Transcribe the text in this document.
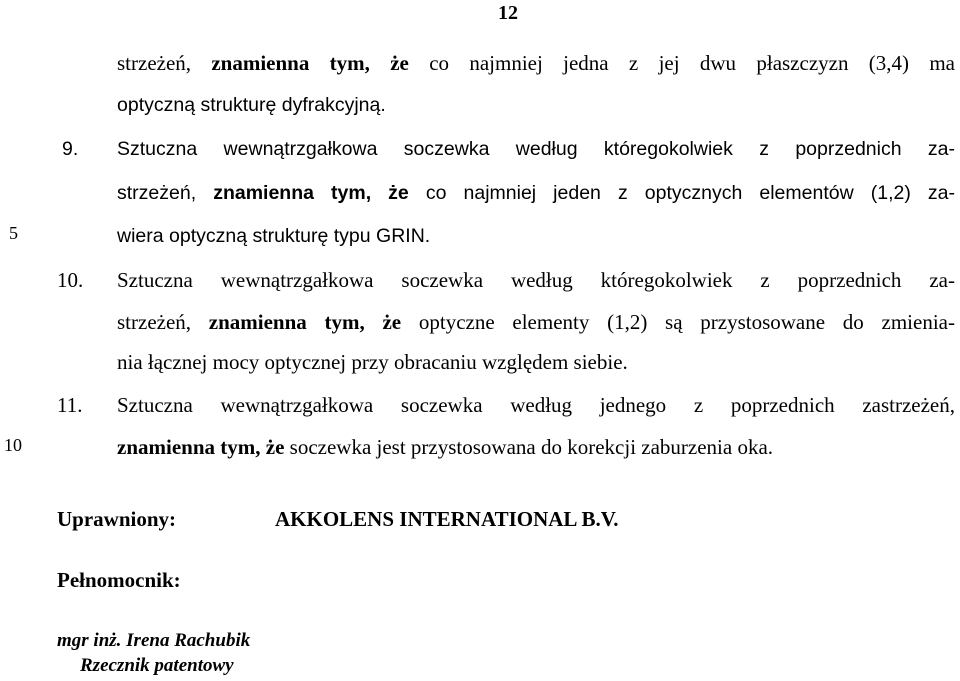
12
5
10
strzeżeń, znamienna tym, że co najmniej jedna z jej dwu płaszczyzn (3,4) ma
optyczną strukturę dyfrakcyjną.
9. Sztuczna wewnątrzgałkowa soczewka według któregokolwiek z poprzednich za-
strzeżeń, znamienna tym, że co najmniej jeden z optycznych elementów (1,2) za-
wiera optyczną strukturę typu GRIN.
10. Sztuczna wewnątrzgałkowa soczewka według któregokolwiek z poprzednich za-
strzeżeń, znamienna tym, że optyczne elementy (1,2) są przystosowane do zmienia-
nia łącznej mocy optycznej przy obracaniu względem siebie.
11. Sztuczna wewnątrzgałkowa soczewka według jednego z poprzednich zastrzeżeń,
znamienna tym, że soczewka jest przystosowana do korekcji zaburzenia oka.
Uprawniony:	AKKOLENS INTERNATIONAL B.V.
Pełnomocnik:
mgr inż. Irena Rachubik
Rzecznik patentowy
